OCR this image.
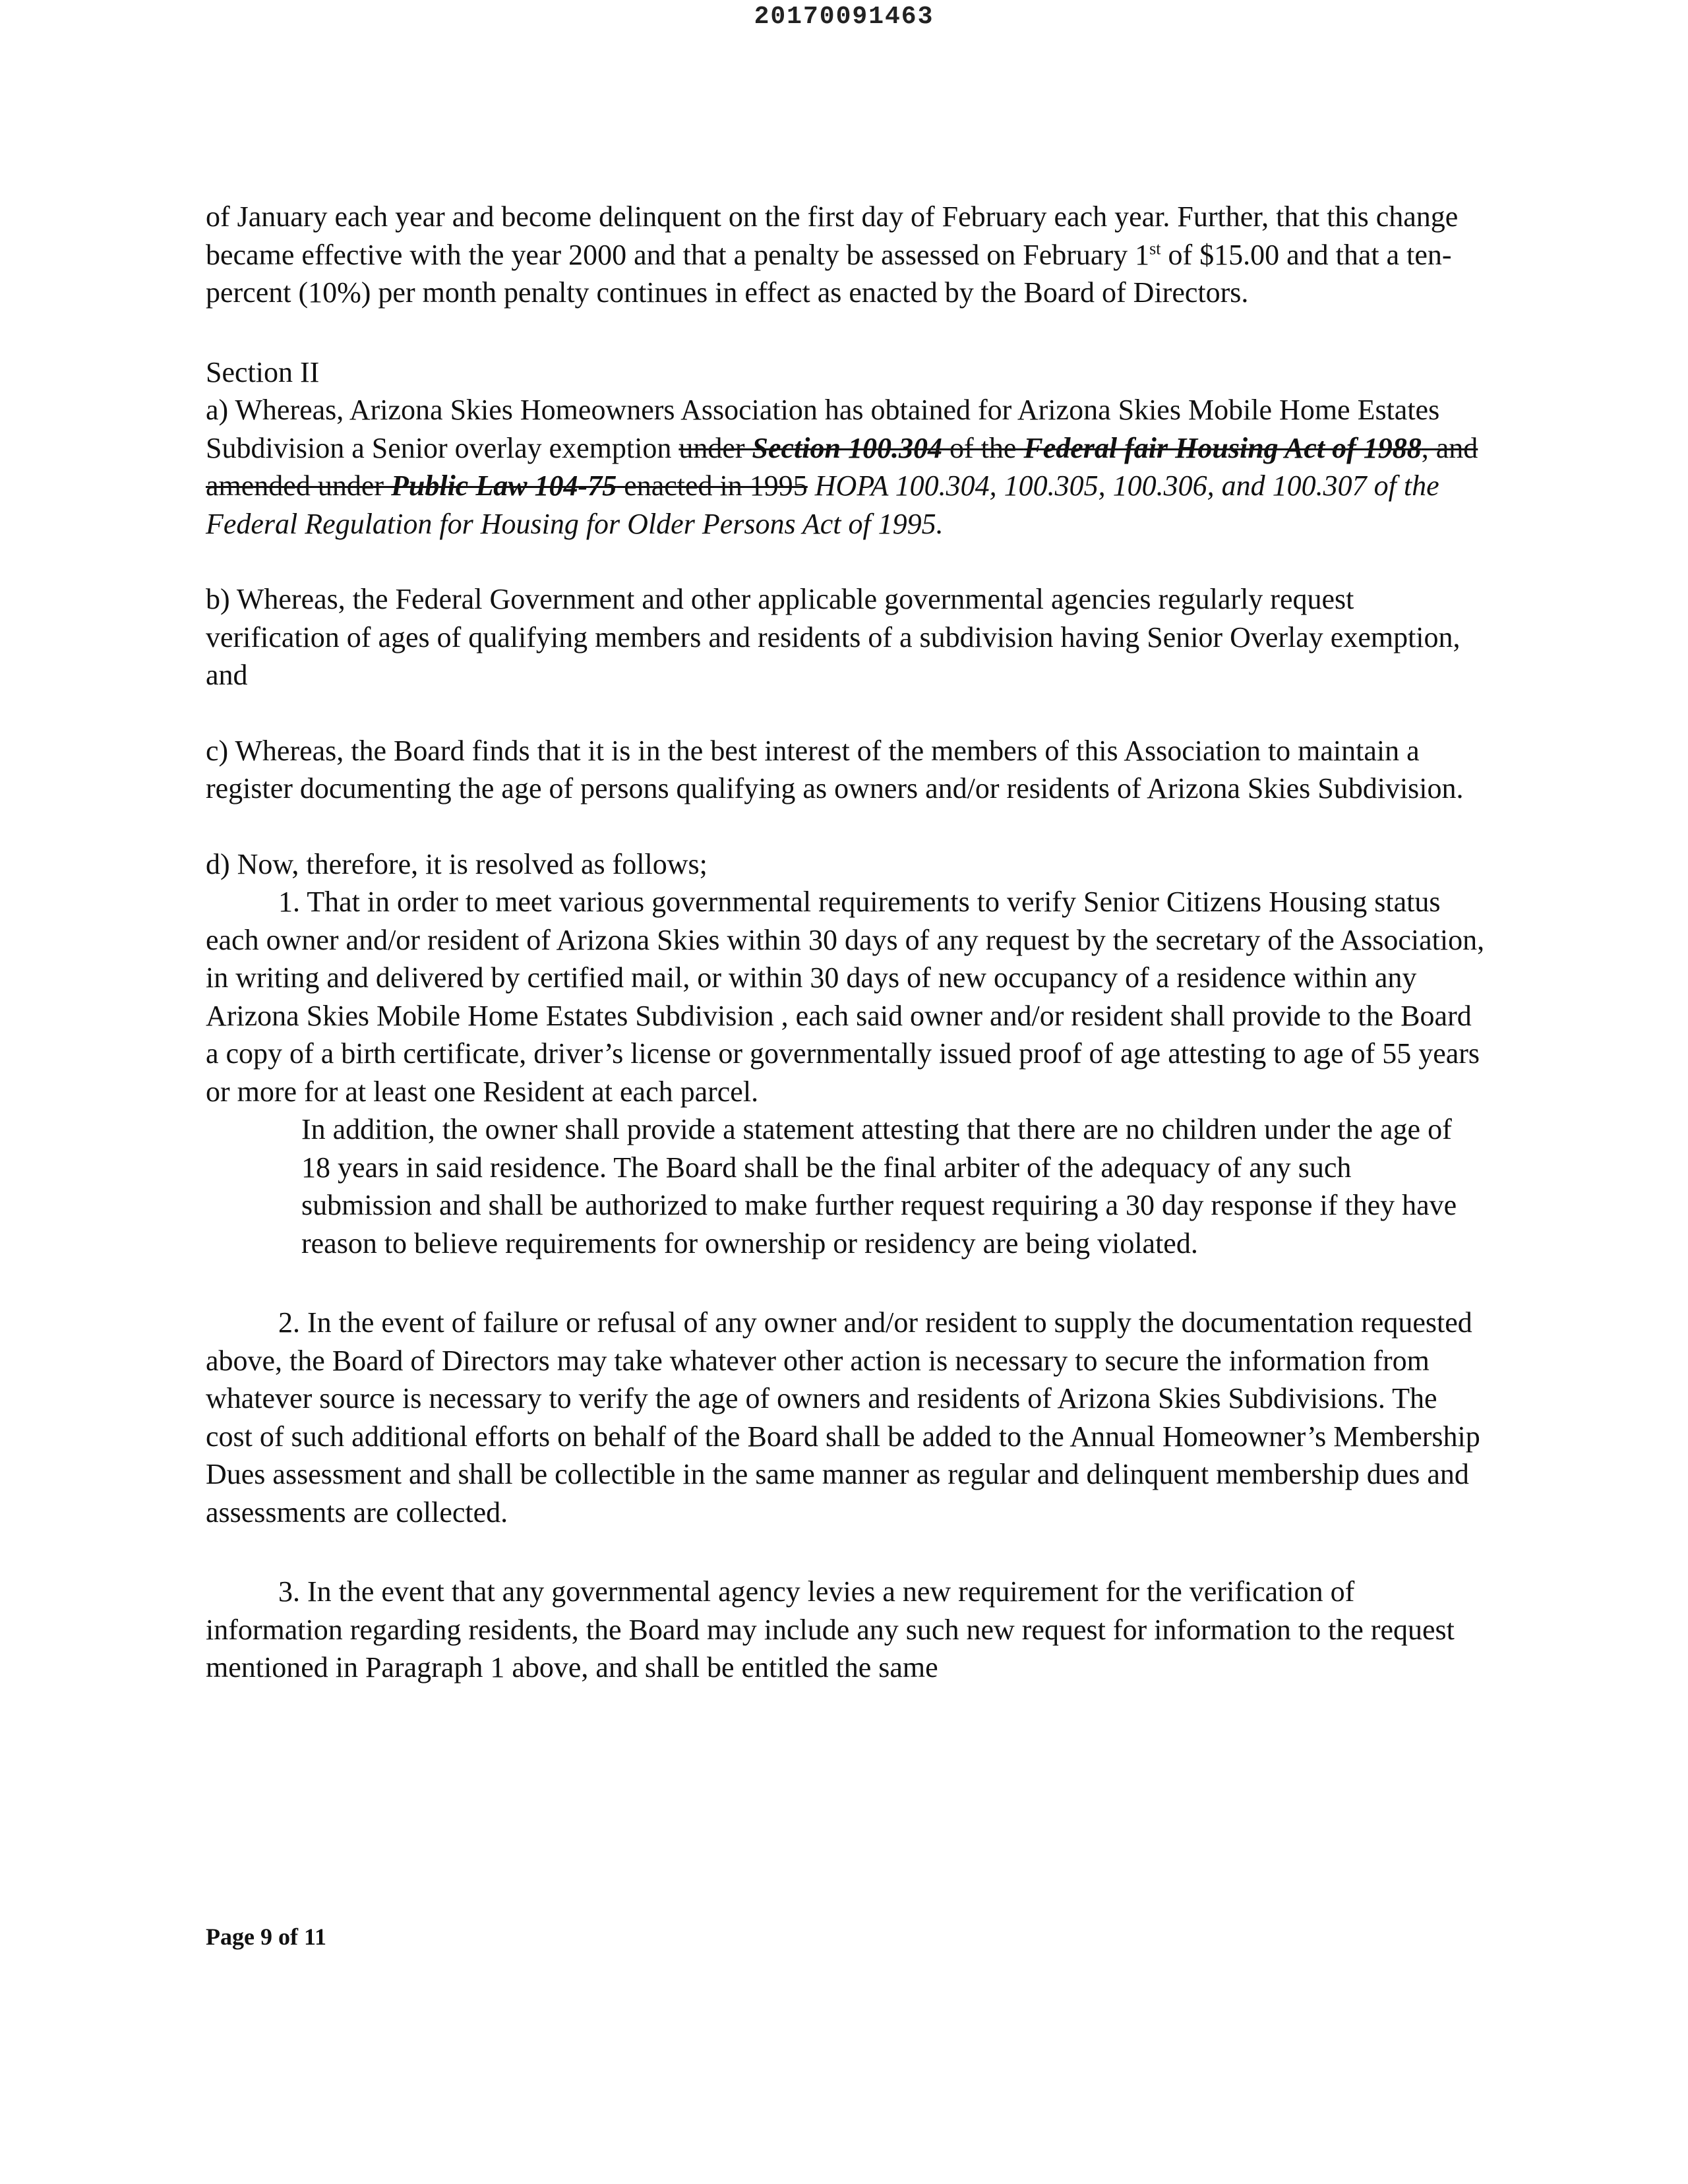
20170091463

of January each year and become delinquent on the first day of February each year. Further, that this change became effective with the year 2000 and that a penalty be assessed on February 1st of $15.00 and that a ten-percent (10%) per month penalty continues in effect as enacted by the Board of Directors.

Section II

a) Whereas, Arizona Skies Homeowners Association has obtained for Arizona Skies Mobile Home Estates Subdivision a Senior overlay exemption under Section 100.304 of the Federal fair Housing Act of 1988, and amended under Public Law 104-75 enacted in 1995 HOPA 100.304, 100.305, 100.306, and 100.307 of the Federal Regulation for Housing for Older Persons Act of 1995.

b) Whereas, the Federal Government and other applicable governmental agencies regularly request verification of ages of qualifying members and residents of a subdivision having Senior Overlay exemption, and

c) Whereas, the Board finds that it is in the best interest of the members of this Association to maintain a register documenting the age of persons qualifying as owners and/or residents of Arizona Skies Subdivision.

d) Now, therefore, it is resolved as follows;

1. That in order to meet various governmental requirements to verify Senior Citizens Housing status each owner and/or resident of Arizona Skies within 30 days of any request by the secretary of the Association, in writing and delivered by certified mail, or within 30 days of new occupancy of a residence within any Arizona Skies Mobile Home Estates Subdivision , each said owner and/or resident shall provide to the Board a copy of a birth certificate, driver’s license or governmentally issued proof of age attesting to age of 55 years or more for at least one Resident at each parcel.

In addition, the owner shall provide a statement attesting that there are no children under the age of 18 years in said residence. The Board shall be the final arbiter of the adequacy of any such submission and shall be authorized to make further request requiring a 30 day response if they have reason to believe requirements for ownership or residency are being violated.

2. In the event of failure or refusal of any owner and/or resident to supply the documentation requested above, the Board of Directors may take whatever other action is necessary to secure the information from whatever source is necessary to verify the age of owners and residents of Arizona Skies Subdivisions. The cost of such additional efforts on behalf of the Board shall be added to the Annual Homeowner’s Membership Dues assessment and shall be collectible in the same manner as regular and delinquent membership dues and assessments are collected.

3. In the event that any governmental agency levies a new requirement for the verification of information regarding residents, the Board may include any such new request for information to the request mentioned in Paragraph 1 above, and shall be entitled the same

Page 9 of 11
